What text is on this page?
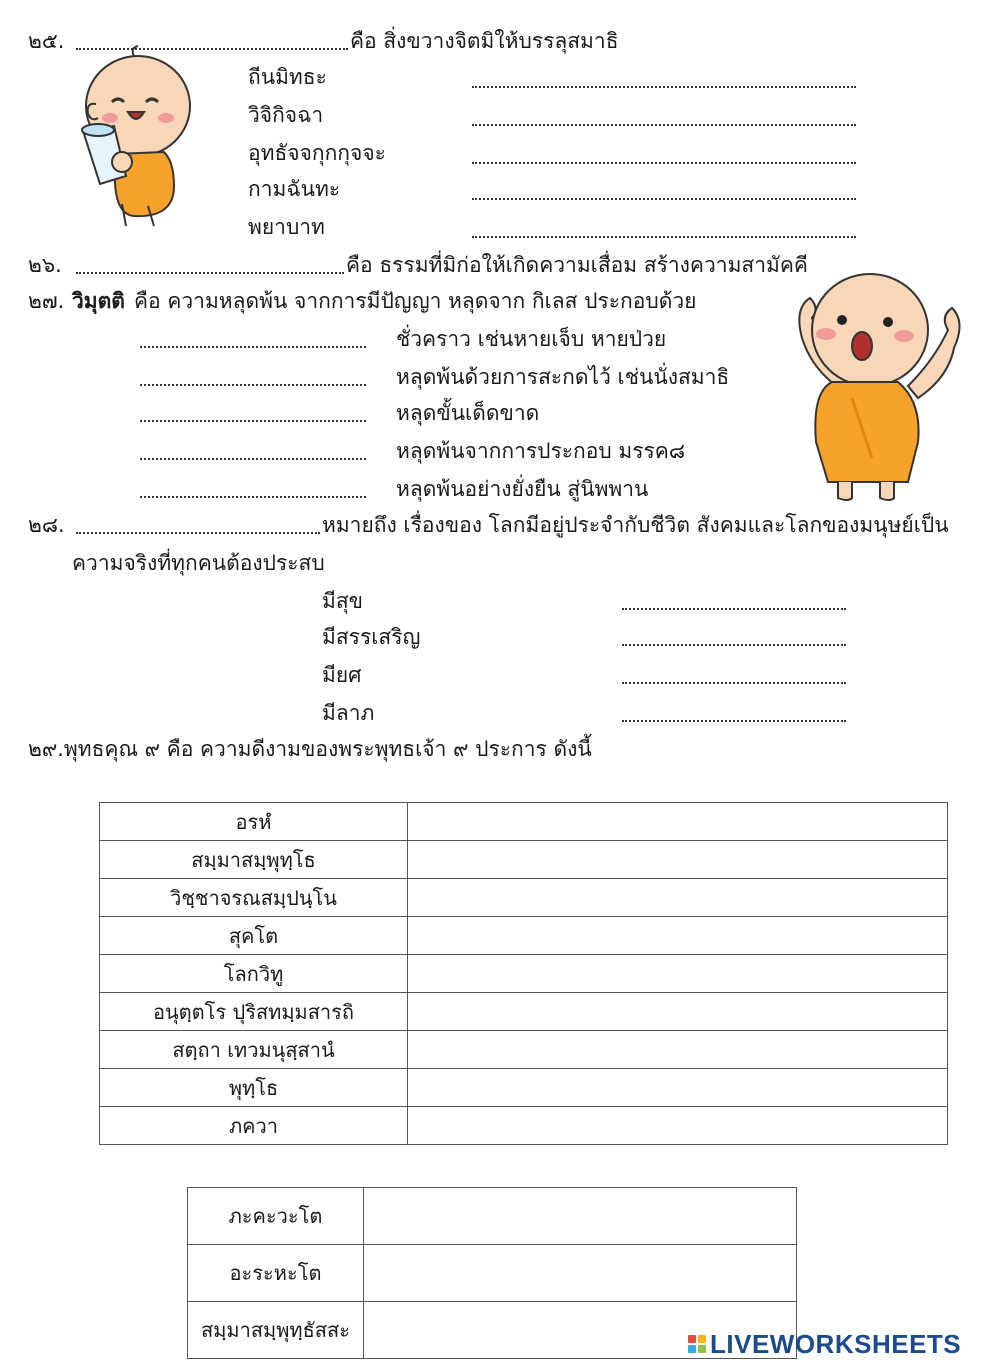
๒๕.	คือ สิ่งขวางจิตมิให้บรรลุสมาธิ
ถีนมิทธะ
วิจิกิจฉา
อุทธัจจกุกกุจจะ
กามฉันทะ
พยาบาท
๒๖.	คือ ธรรมที่มิก่อให้เกิดความเสื่อม สร้างความสามัคคี
๒๗. วิมุตติ คือ ความหลุดพ้น จากการมีปัญญา หลุดจาก กิเลส ประกอบด้วย
ชั่วคราว เช่นหายเจ็บ หายป่วย
หลุดพ้นด้วยการสะกดไว้ เช่นนั่งสมาธิ
หลุดขั้นเด็ดขาด
หลุดพ้นจากการประกอบ มรรค๘
หลุดพ้นอย่างยั่งยืน สู่นิพพาน
๒๘.	หมายถึง เรื่องของ โลกมีอยู่ประจำกับชีวิต สังคมและโลกของมนุษย์เป็น
ความจริงที่ทุกคนต้องประสบ
มีสุข
มีสรรเสริญ
มียศ
มีลาภ
๒๙.พุทธคุณ ๙ คือ ความดีงามของพระพุทธเจ้า ๙ ประการ ดังนี้
อรหํ	
สมฺมาสมฺพุทฺโธ	
วิชฺชาจรณสมฺปนฺโน	
สุคโต	
โลกวิทู	
อนุตฺตโร ปุริสทมฺมสารถิ	
สตฺถา เทวมนุสฺสานํ	
พุทฺโธ	
ภควา	
ภะคะวะโต	
อะระหะโต	
สมฺมาสมฺพุทฺธัสสะ		LIVEWORKSHEETS
